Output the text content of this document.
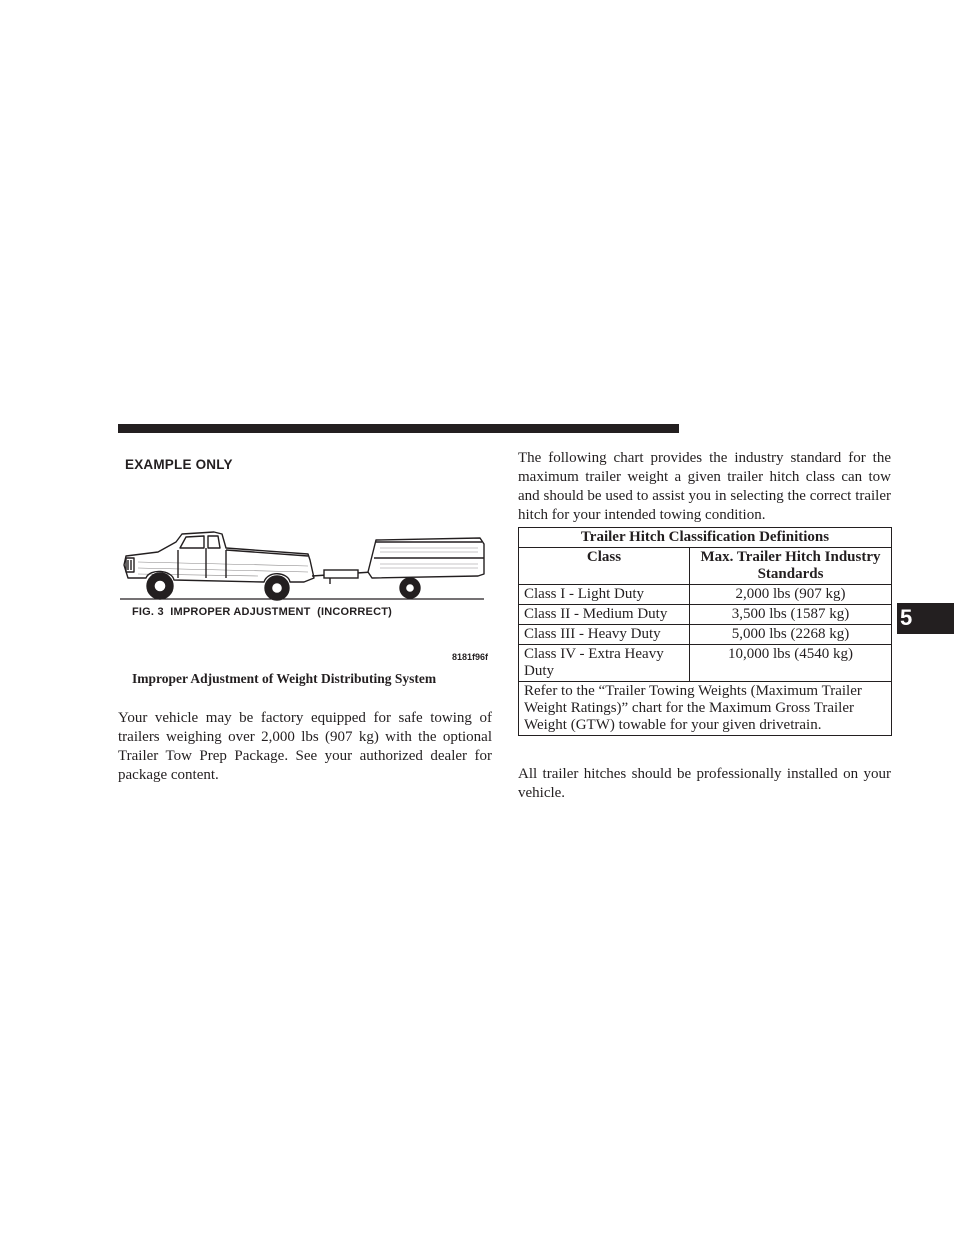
EXAMPLE ONLY
FIG. 3  IMPROPER ADJUSTMENT  (INCORRECT)
8181f96f
Improper Adjustment of Weight Distributing System

Your vehicle may be factory equipped for safe towing of trailers weighing over 2,000 lbs (907 kg) with the optional Trailer Tow Prep Package. See your authorized dealer for package content.

The following chart provides the industry standard for the maximum trailer weight a given trailer hitch class can tow and should be used to assist you in selecting the correct trailer hitch for your intended towing condition.

Trailer Hitch Classification Definitions	
Class	Max. Trailer Hitch Industry Standards
Class I - Light Duty	2,000 lbs (907 kg)
Class II - Medium Duty	3,500 lbs (1587 kg)
Class III - Heavy Duty	5,000 lbs (2268 kg)
Class IV - Extra Heavy Duty	10,000 lbs (4540 kg)
Refer to the “Trailer Towing Weights (Maximum Trailer Weight Ratings)” chart for the Maximum Gross Trailer Weight (GTW) towable for your given drivetrain.	

All trailer hitches should be professionally installed on your vehicle.

5
